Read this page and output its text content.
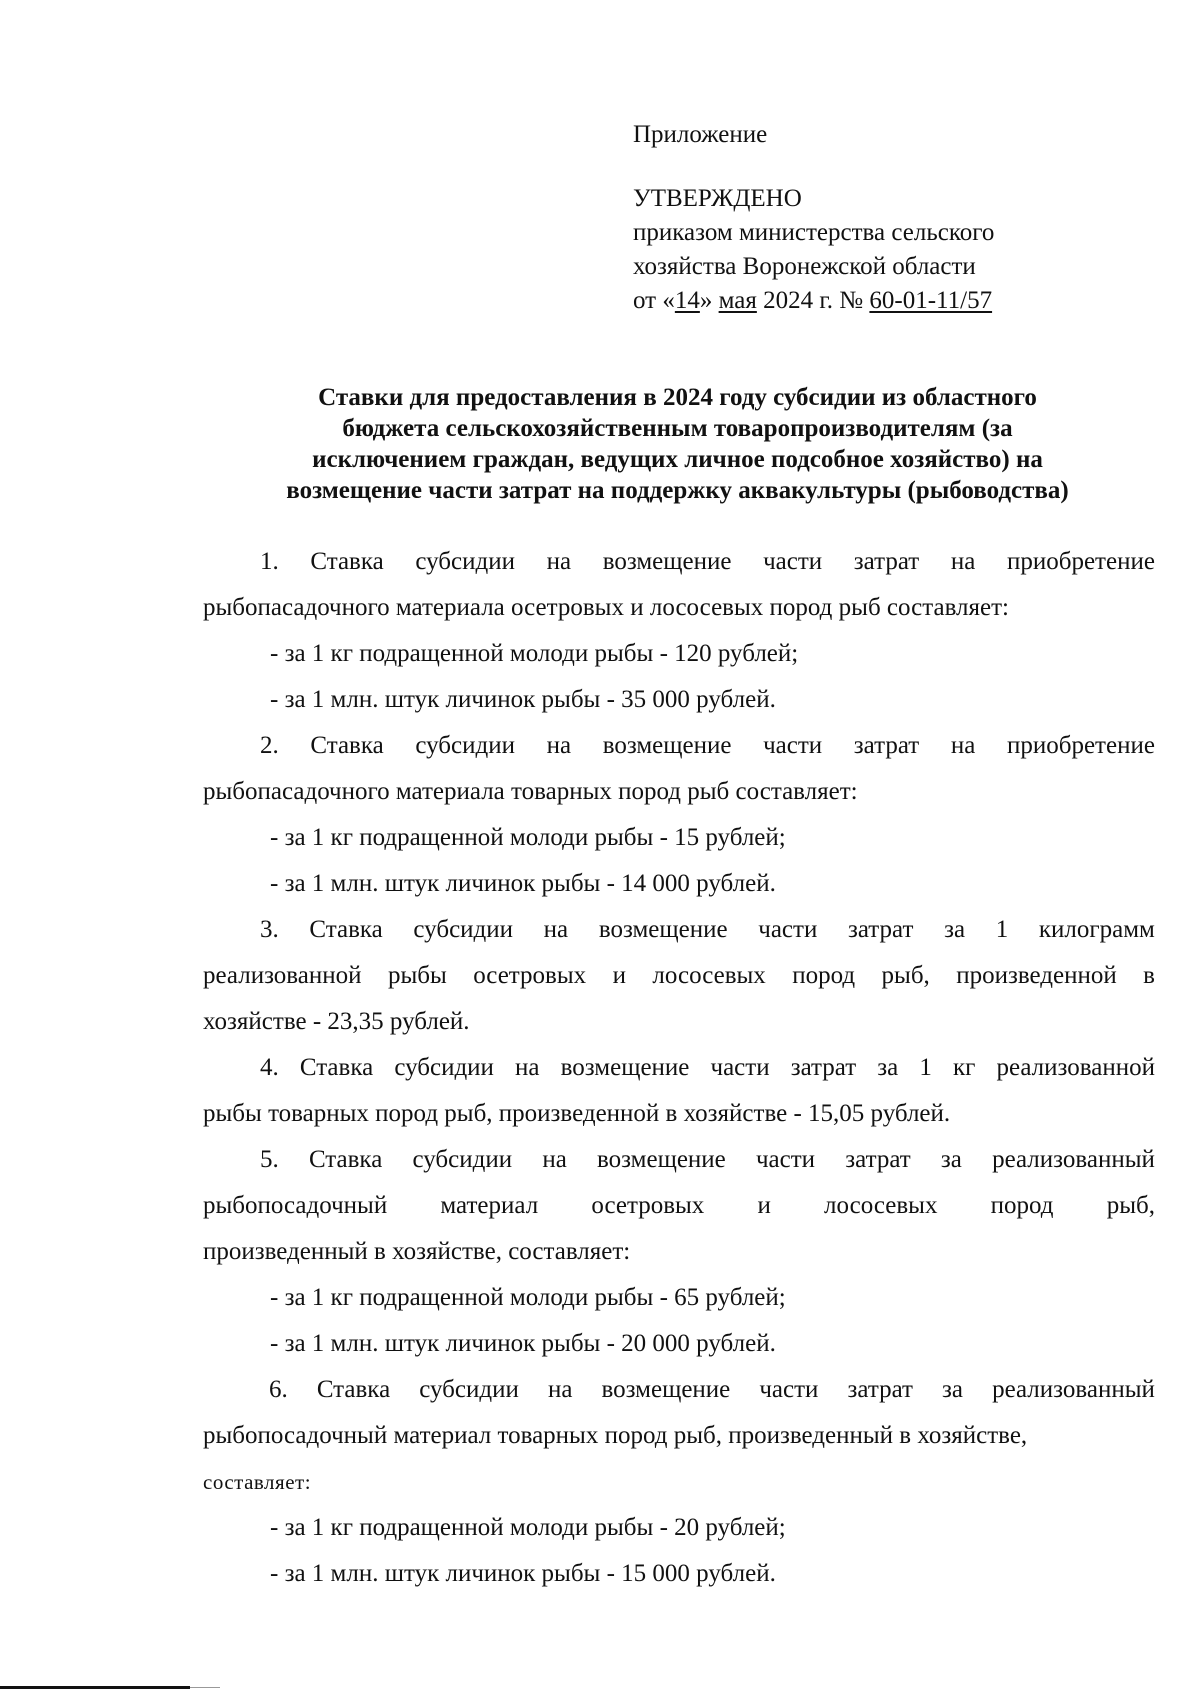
Приложение
УТВЕРЖДЕНО
приказом министерства сельского
хозяйства Воронежской области
от «14» мая 2024 г. № 60-01-11/57
Ставки для предоставления в 2024 году субсидии из областного
бюджета сельскохозяйственным товаропроизводителям (за
исключением граждан, ведущих личное подсобное хозяйство) на
возмещение части затрат на поддержку аквакультуры (рыбоводства)
1. Ставка субсидии на возмещение части затрат на приобретение
рыбопасадочного материала осетровых и лососевых пород рыб составляет:
- за 1 кг подращенной молоди рыбы - 120 рублей;
- за 1 млн. штук личинок рыбы - 35 000 рублей.
2. Ставка субсидии на возмещение части затрат на приобретение
рыбопасадочного материала товарных пород рыб составляет:
- за 1 кг подращенной молоди рыбы - 15 рублей;
- за 1 млн. штук личинок рыбы - 14 000 рублей.
3. Ставка субсидии на возмещение части затрат за 1 килограмм
реализованной рыбы осетровых и лососевых пород рыб, произведенной в
хозяйстве - 23,35 рублей.
4. Ставка субсидии на возмещение части затрат за 1 кг реализованной
рыбы товарных пород рыб, произведенной в хозяйстве - 15,05 рублей.
5. Ставка субсидии на возмещение части затрат за реализованный
рыбопосадочный материал осетровых и лососевых пород рыб,
произведенный в хозяйстве, составляет:
- за 1 кг подращенной молоди рыбы - 65 рублей;
- за 1 млн. штук личинок рыбы - 20 000 рублей.
6. Ставка субсидии на возмещение части затрат за реализованный
рыбопосадочный материал товарных пород рыб, произведенный в хозяйстве,
составляет:
- за 1 кг подращенной молоди рыбы - 20 рублей;
- за 1 млн. штук личинок рыбы - 15 000 рублей.
